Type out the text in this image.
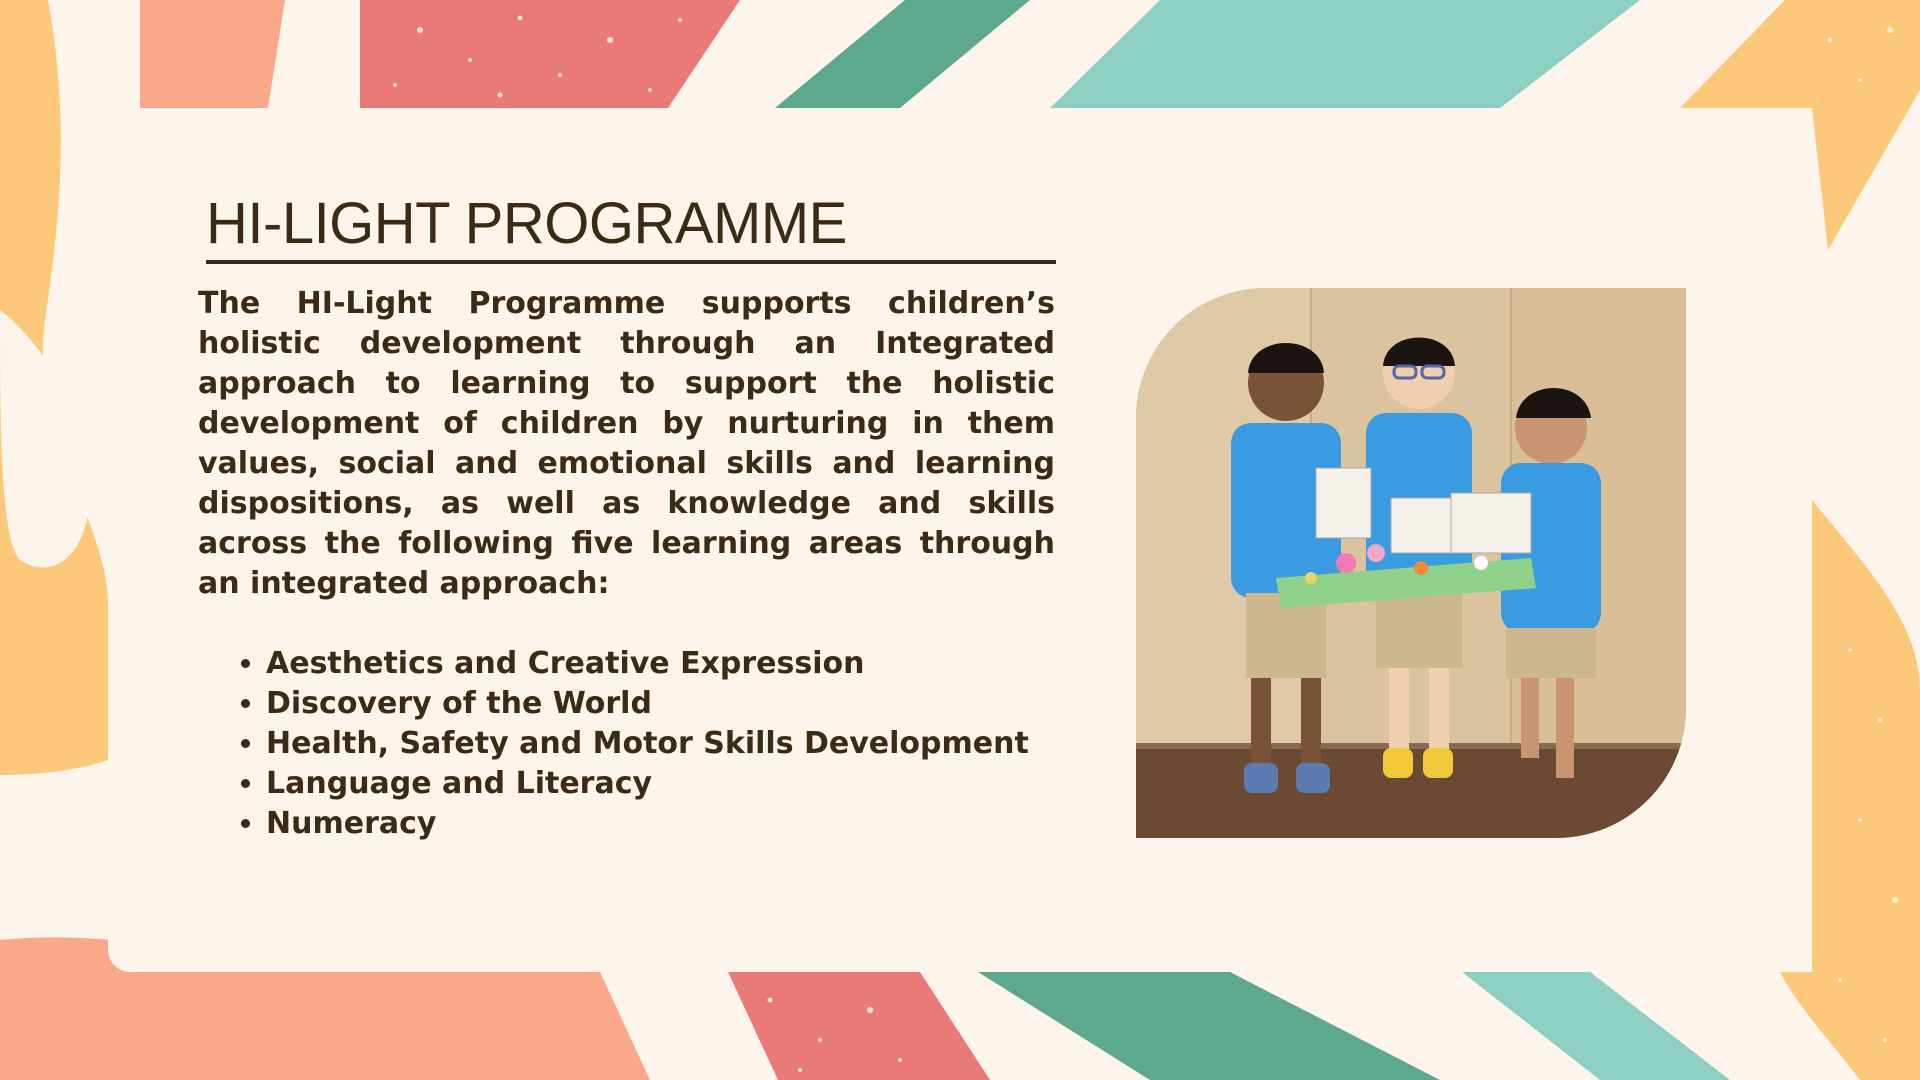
HI-LIGHT PROGRAMME

The HI-Light Programme supports children’s holistic development through an Integrated approach to learning to support the holistic development of children by nurturing in them values, social and emotional skills and learning dispositions, as well as knowledge and skills across the following five learning areas through an integrated approach:

• Aesthetics and Creative Expression
• Discovery of the World
• Health, Safety and Motor Skills Development
• Language and Literacy
• Numeracy
